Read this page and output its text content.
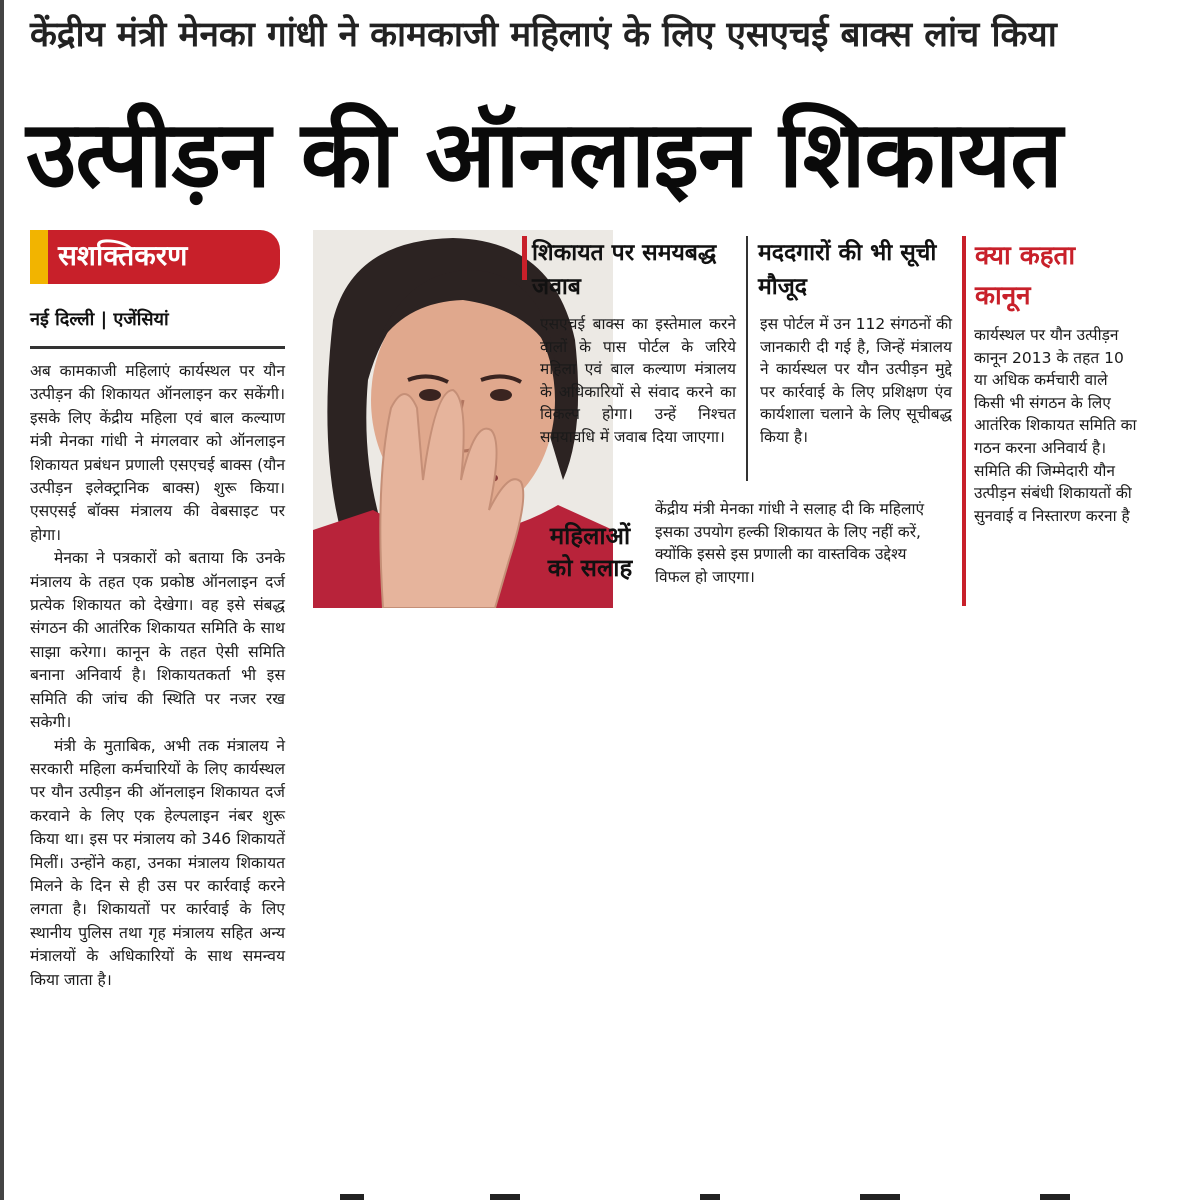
केंद्रीय मंत्री मेनका गांधी ने कामकाजी महिलाएं के लिए एसएचई बाक्स लांच किया
उत्पीड़न की ऑनलाइन शिकायत
सशक्तिकरण
नई दिल्ली | एजेंसियां

अब कामकाजी महिलाएं कार्यस्थल पर यौन उत्पीड़न की शिकायत ऑनलाइन कर सकेंगी। इसके लिए केंद्रीय महिला एवं बाल कल्याण मंत्री मेनका गांधी ने मंगलवार को ऑनलाइन शिकायत प्रबंधन प्रणाली एसएचई बाक्स (यौन उत्पीड़न इलेक्ट्रानिक बाक्स) शुरू किया। एसएसई बॉक्स मंत्रालय की वेबसाइट पर होगा।

मेनका ने पत्रकारों को बताया कि उनके मंत्रालय के तहत एक प्रकोष्ठ ऑनलाइन दर्ज प्रत्येक शिकायत को देखेगा। वह इसे संबद्ध संगठन की आतंरिक शिकायत समिति के साथ साझा करेगा। कानून के तहत ऐसी समिति बनाना अनिवार्य है। शिकायतकर्ता भी इस समिति की जांच की स्थिति पर नजर रख सकेगी।

मंत्री के मुताबिक, अभी तक मंत्रालय ने सरकारी महिला कर्मचारियों के लिए कार्यस्थल पर यौन उत्पीड़न की ऑनलाइन शिकायत दर्ज करवाने के लिए एक हेल्पलाइन नंबर शुरू किया था। इस पर मंत्रालय को 346 शिकायतें मिलीं। उन्होंने कहा, उनका मंत्रालय शिकायत मिलने के दिन से ही उस पर कार्रवाई करने लगता है। शिकायतों पर कार्रवाई के लिए स्थानीय पुलिस तथा गृह मंत्रालय सहित अन्य मंत्रालयों के अधिकारियों के साथ समन्वय किया जाता है।

शिकायत पर समयबद्ध जवाब
एसएचई बाक्स का इस्तेमाल करने वालों के पास पोर्टल के जरिये महिला एवं बाल कल्याण मंत्रालय के अधिकारियों से संवाद करने का विकल्प होगा। उन्हें निश्चत समयावधि में जवाब दिया जाएगा।
मददगारों की भी सूची मौजूद
इस पोर्टल में उन 112 संगठनों की जानकारी दी गई है, जिन्हें मंत्रालय ने कार्यस्थल पर यौन उत्पीड़न मुद्दे पर कार्रवाई के लिए प्रशिक्षण एंव कार्यशाला चलाने के लिए सूचीबद्ध किया है।
क्या कहता कानून
कार्यस्थल पर यौन उत्पीड़न कानून 2013 के तहत 10 या अधिक कर्मचारी वाले किसी भी संगठन के लिए आतंरिक शिकायत समिति का गठन करना अनिवार्य है। समिति की जिम्मेदारी यौन उत्पीड़न संबंधी शिकायतों की सुनवाई व निस्तारण करना है
महिलाओं को सलाह
केंद्रीय मंत्री मेनका गांधी ने सलाह दी कि महिलाएं इसका उपयोग हल्की शिकायत के लिए नहीं करें, क्योंकि इससे इस प्रणाली का वास्तविक उद्देश्य विफल हो जाएगा।
